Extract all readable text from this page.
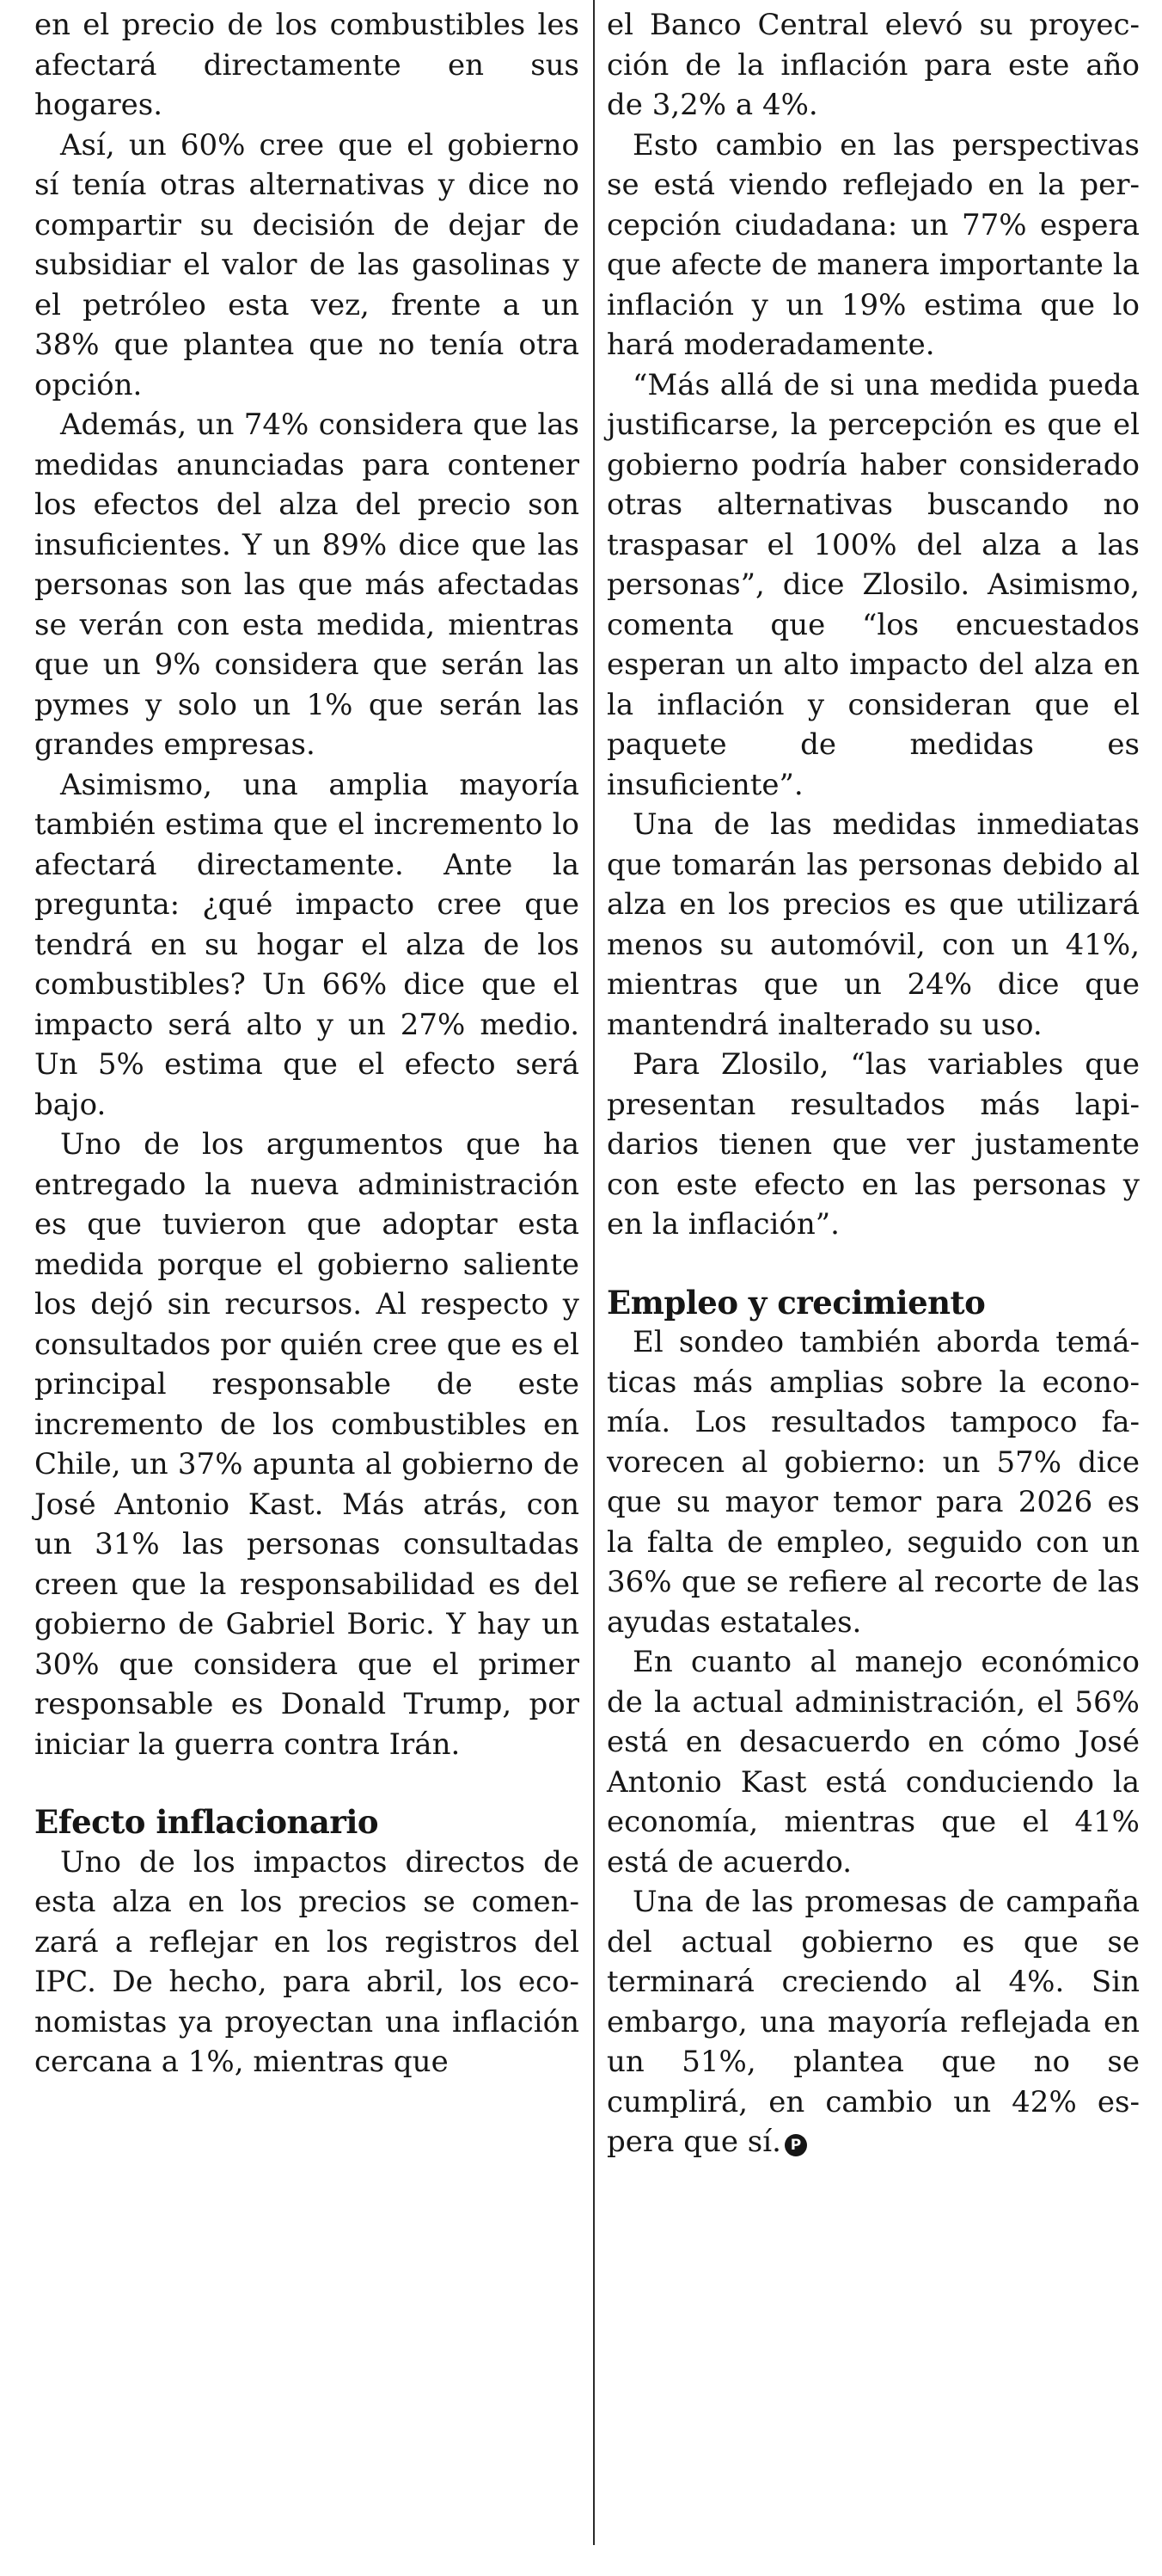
en el precio de los combustibles les afectará directamente en sus hogares.

Así, un 60% cree que el gobierno sí tenía otras alternativas y dice no compartir su decisión de dejar de subsidiar el valor de las gasolinas y el petróleo esta vez, frente a un 38% que plantea que no tenía otra opción.

Además, un 74% considera que las medidas anunciadas para contener los efectos del alza del precio son insuficientes. Y un 89% dice que las personas son las que más afectadas se verán con esta medida, mientras que un 9% considera que serán las pymes y solo un 1% que serán las grandes empresas.

Asimismo, una amplia mayoría también estima que el incremento lo afectará directamente. Ante la pregunta: ¿qué impacto cree que tendrá en su hogar el alza de los combustibles? Un 66% dice que el impacto será alto y un 27% medio. Un 5% estima que el efecto será bajo.

Uno de los argumentos que ha entregado la nueva administración es que tuvieron que adoptar esta medida porque el gobierno saliente los dejó sin recursos. Al respecto y consultados por quién cree que es el principal responsable de este incremento de los combustibles en Chile, un 37% apunta al gobierno de José Antonio Kast. Más atrás, con un 31% las personas consultadas creen que la responsabilidad es del gobierno de Gabriel Boric. Y hay un 30% que considera que el primer responsable es Donald Trump, por iniciar la guerra contra Irán.

Efecto inflacionario

Uno de los impactos directos de esta alza en los precios se comenzará a reflejar en los registros del IPC. De hecho, para abril, los economistas ya proyectan una inflación cercana a 1%, mientras que

el Banco Central elevó su proyección de la inflación para este año de 3,2% a 4%.

Esto cambio en las perspectivas se está viendo reflejado en la percepción ciudadana: un 77% espera que afecte de manera importante la inflación y un 19% estima que lo hará moderadamente.

“Más allá de si una medida pueda justificarse, la percepción es que el gobierno podría haber considerado otras alternativas buscando no traspasar el 100% del alza a las personas”, dice Zlosilo. Asimismo, comenta que “los encuestados esperan un alto impacto del alza en la inflación y consideran que el paquete de medidas es insuficiente”.

Una de las medidas inmediatas que tomarán las personas debido al alza en los precios es que utilizará menos su automóvil, con un 41%, mientras que un 24% dice que mantendrá inalterado su uso.

Para Zlosilo, “las variables que presentan resultados más lapidarios tienen que ver justamente con este efecto en las personas y en la inflación”.

Empleo y crecimiento

El sondeo también aborda temáticas más amplias sobre la economía. Los resultados tampoco favorecen al gobierno: un 57% dice que su mayor temor para 2026 es la falta de empleo, seguido con un 36% que se refiere al recorte de las ayudas estatales.

En cuanto al manejo económico de la actual administración, el 56% está en desacuerdo en cómo José Antonio Kast está conduciendo la economía, mientras que el 41% está de acuerdo.

Una de las promesas de campaña del actual gobierno es que se terminará creciendo al 4%. Sin embargo, una mayoría reflejada en un 51%, plantea que no se cumplirá, en cambio un 42% espera que sí. P
